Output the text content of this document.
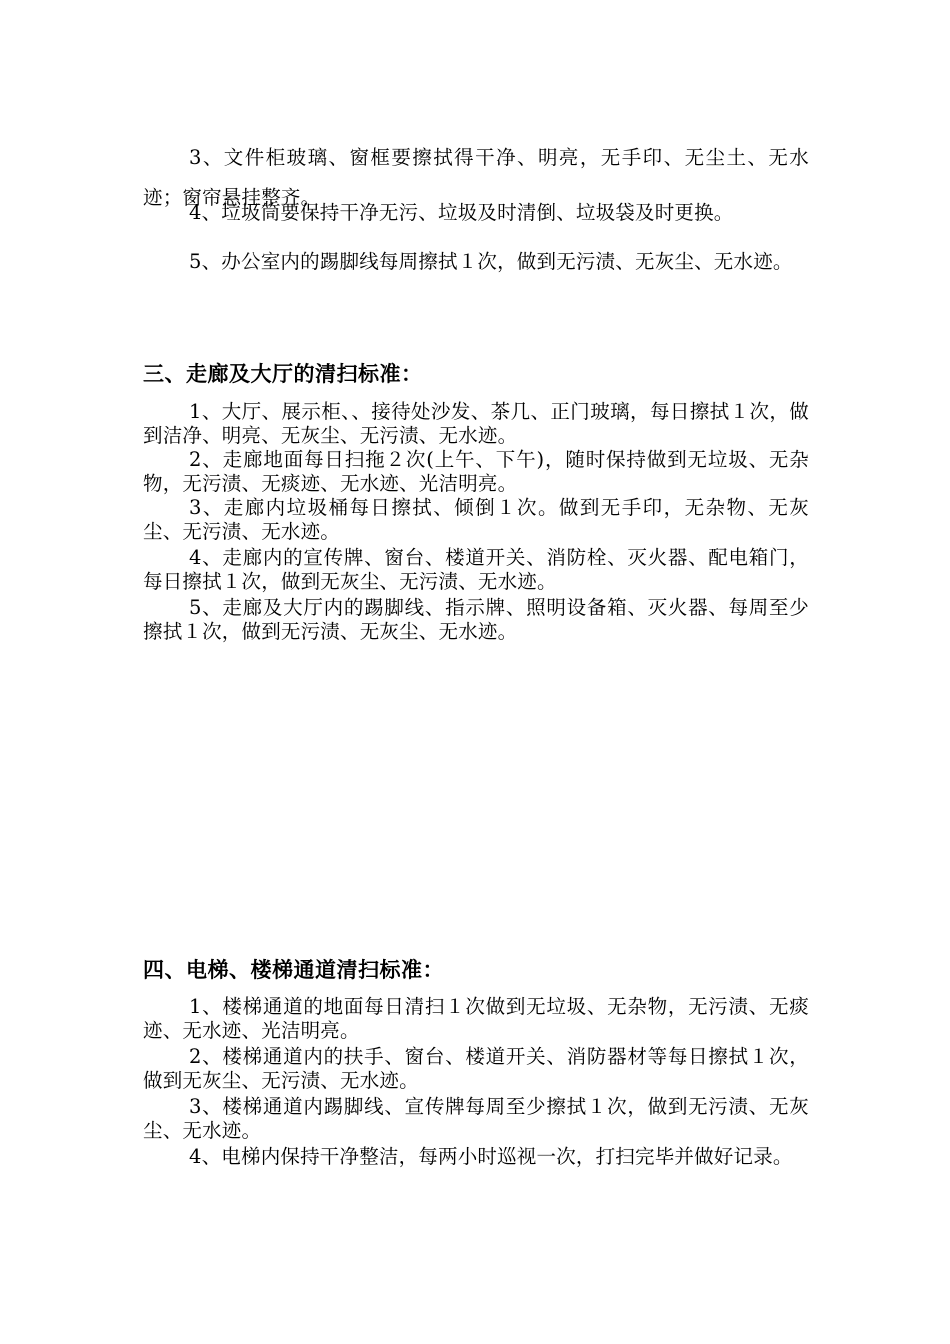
3、文件柜玻璃、窗框要擦拭得干净、明亮，无手印、无尘土、无水迹；窗帘悬挂整齐。

4、垃圾筒要保持干净无污、垃圾及时清倒、垃圾袋及时更换。

5、办公室内的踢脚线每周擦拭１次，做到无污渍、无灰尘、无水迹。

三、走廊及大厅的清扫标准：

1、大厅、展示柜、、接待处沙发、茶几、正门玻璃，每日擦拭１次，做到洁净、明亮、无灰尘、无污渍、无水迹。

2、走廊地面每日扫拖２次(上午、下午)，随时保持做到无垃圾、无杂物，无污渍、无痰迹、无水迹、光洁明亮。

3、走廊内垃圾桶每日擦拭、倾倒１次。做到无手印，无杂物、无灰尘、无污渍、无水迹。

4、走廊内的宣传牌、窗台、楼道开关、消防栓、灭火器、配电箱门，每日擦拭１次，做到无灰尘、无污渍、无水迹。

5、走廊及大厅内的踢脚线、指示牌、照明设备箱、灭火器、每周至少擦拭１次，做到无污渍、无灰尘、无水迹。

四、电梯、楼梯通道清扫标准：

1、楼梯通道的地面每日清扫１次做到无垃圾、无杂物，无污渍、无痰迹、无水迹、光洁明亮。

2、楼梯通道内的扶手、窗台、楼道开关、消防器材等每日擦拭１次，做到无灰尘、无污渍、无水迹。

3、楼梯通道内踢脚线、宣传牌每周至少擦拭１次，做到无污渍、无灰尘、无水迹。

4、电梯内保持干净整洁，每两小时巡视一次，打扫完毕并做好记录。
